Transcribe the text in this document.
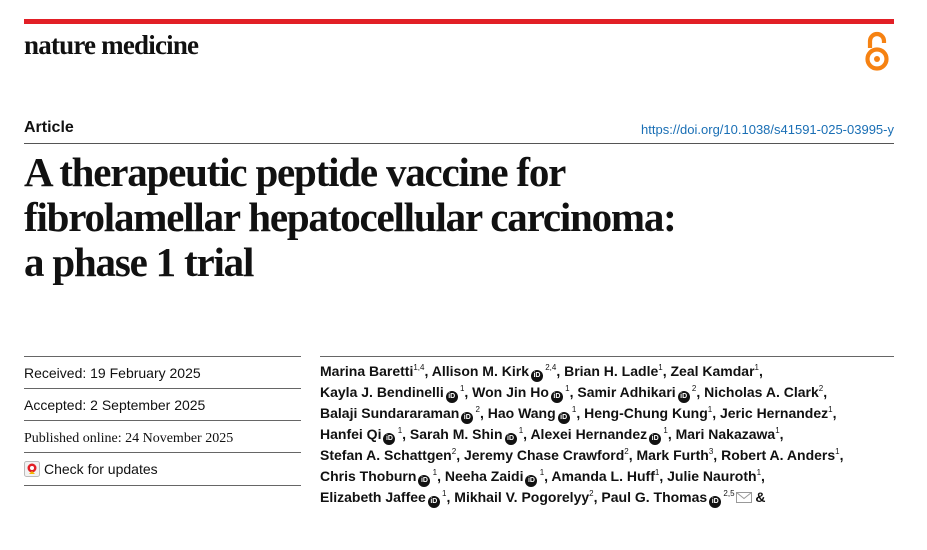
nature medicine
Article	https://doi.org/10.1038/s41591-025-03995-y
A therapeutic peptide vaccine for
fibrolamellar hepatocellular carcinoma:
a phase 1 trial
Received: 19 February 2025
Accepted: 2 September 2025
Published online: 24 November 2025
Check for updates
Marina Baretti$^{1,4}$, Allison M. Kirk iD $^{2,4}$, Brian H. Ladle$^1$, Zeal Kamdar$^1$,
Kayla J. Bendinelli iD $^1$, Won Jin Ho iD $^1$, Samir Adhikari iD $^2$, Nicholas A. Clark$^2$,
Balaji Sundararaman iD $^2$, Hao Wang iD $^1$, Heng-Chung Kung$^1$, Jeric Hernandez$^1$,
Hanfei Qi iD $^1$, Sarah M. Shin iD $^1$, Alexei Hernandez iD $^1$, Mari Nakazawa$^1$,
Stefan A. Schattgen$^2$, Jeremy Chase Crawford$^2$, Mark Furth$^3$, Robert A. Anders$^1$,
Chris Thoburn iD $^1$, Neeha Zaidi iD $^1$, Amanda L. Huff$^1$, Julie Nauroth$^1$,
Elizabeth Jaffee iD $^1$, Mikhail V. Pogorelyy$^2$, Paul G. Thomas iD $^{2,5}$ &
